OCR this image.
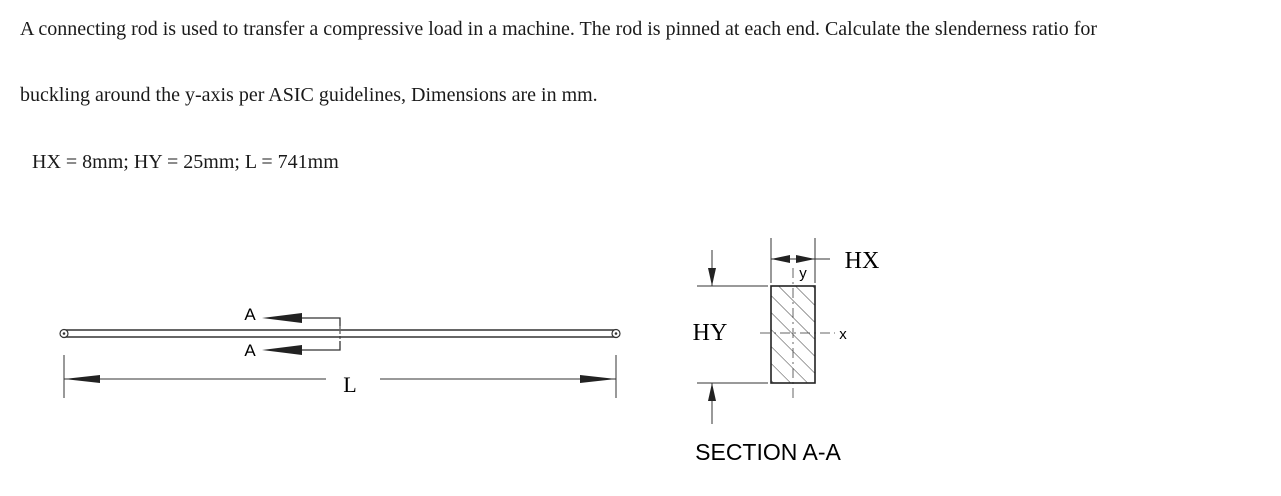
A connecting rod is used to transfer a compressive load in a machine. The rod is pinned at each end. Calculate the slenderness ratio for
buckling around the y-axis per ASIC guidelines, Dimensions are in mm.
HX = 8mm; HY = 25mm; L = 741mm
A
A
L
x
y HX
HY
SECTION A-A
